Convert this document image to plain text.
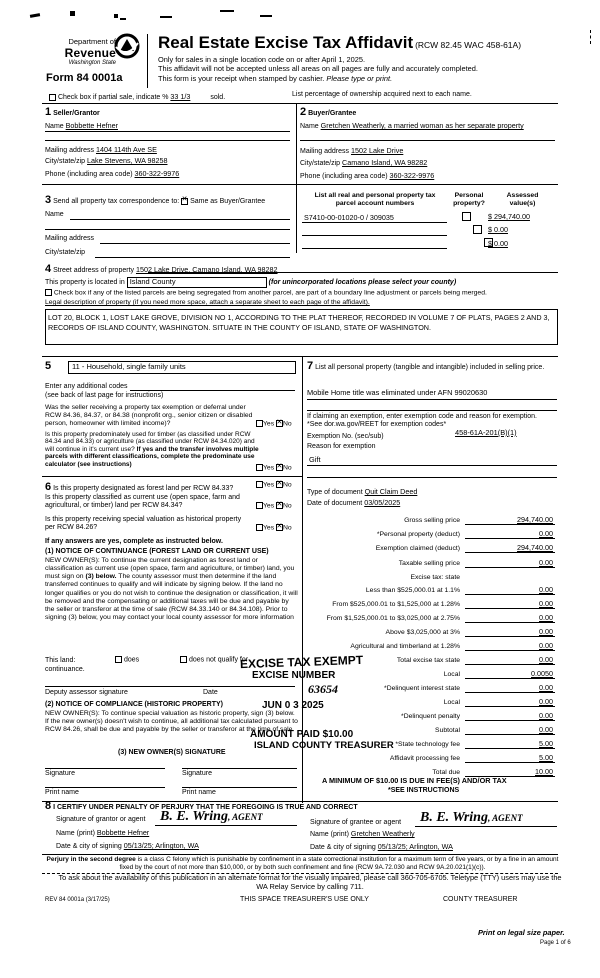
Department of
Revenue
Washington State
Form 84 0001a
Real Estate Excise Tax Affidavit (RCW 82.45 WAC 458-61A)
Only for sales in a single location code on or after April 1, 2025.
This affidavit will not be accepted unless all areas on all pages are fully and accurately completed.
This form is your receipt when stamped by cashier. Please type or print.
Check box if partial sale, indicate % 33 1/3	sold.	List percentage of ownership acquired next to each name.
1 Seller/Grantor
Name Bobbette Hefner
Mailing address 1404 114th Ave SE
City/state/zip Lake Stevens, WA 98258
Phone (including area code) 360-322-9976
2 Buyer/Grantee
Name Gretchen Weatherly, a married woman as her separate property
Mailing address 1502 Lake Drive
City/state/zip Camano Island, WA 98282
Phone (including area code) 360-322-9976
3 Send all property tax correspondence to: ✕ Same as Buyer/Grantee
Name
Mailing address
City/state/zip
List all real and personal property tax parcel account numbers
Personal property?
Assessed value(s)
S7410-00-01020-0 / 309035
	$ 294,740.00
$ 0.00
$ 0.00
4 Street address of property 1502 Lake Drive, Camano Island, WA 98282
This property is located in Island County	(for unincorporated locations please select your county)
Check box if any of the listed parcels are being segregated from another parcel, are part of a boundary line adjustment or parcels being merged.
Legal description of property (if you need more space, attach a separate sheet to each page of the affidavit).
LOT 20, BLOCK 1, LOST LAKE GROVE, DIVISION NO 1, ACCORDING TO THE PLAT THEREOF, RECORDED IN VOLUME 7 OF PLATS, PAGES 2 AND 3, RECORDS OF ISLAND COUNTY, WASHINGTON. SITUATE IN THE COUNTY OF ISLAND, STATE OF WASHINGTON.
5	11 - Household, single family units
Enter any additional codes
(see back of last page for instructions)
Was the seller receiving a property tax exemption or deferral under RCW 84.36, 84.37, or 84.38 (nonprofit org., senior citizen or disabled person, homeowner with limited income)?	Yes ✕ No
Is this property predominately used for timber (as classified under RCW 84.34 and 84.33) or agriculture (as classified under RCW 84.34.020) and will continue in it's current use? If yes and the transfer involves multiple parcels with different classifications, complete the predominate use calculator (see instructions)	Yes ✕ No
6 Is this property designated as forest land per RCW 84.33?
Yes ✕ No
Is this property classified as current use (open space, farm and agricultural, or timber) land per RCW 84.34?	Yes ✕ No
Is this property receiving special valuation as historical property per RCW 84.26?	Yes ✕ No
If any answers are yes, complete as instructed below.
(1) NOTICE OF CONTINUANCE (FOREST LAND OR CURRENT USE)
NEW OWNER(S): To continue the current designation as forest land or classification as current use (open space, farm and agriculture, or timber) land, you must sign on (3) below. The county assessor must then determine if the land transferred continues to qualify and will indicate by signing below. If the land no longer qualifies or you do not wish to continue the designation or classification, it will be removed and the compensating or additional taxes will be due and payable by the seller or transferor at the time of sale (RCW 84.33.140 or 84.34.108). Prior to signing (3) below, you may contact your local county assessor for more information
This land:
continuance.
does	does not qualify for
Deputy assessor signature	Date
(2) NOTICE OF COMPLIANCE (HISTORIC PROPERTY)
NEW OWNER(S): To continue special valuation as historic property, sign (3) below. If the new owner(s) doesn't wish to continue, all additional tax calculated pursuant to RCW 84.26, shall be due and payable by the seller or transferor at the time of sale
(3) NEW OWNER(S) SIGNATURE
Signature	Signature
Print name	Print name
7 List all personal property (tangible and intangible) included in selling price.
Mobile Home title was eliminated under AFN 99020630
If claiming an exemption, enter exemption code and reason for exemption. *See dor.wa.gov/REET for exemption codes*
Exemption No. (sec/sub)	458-61A-201(B)(1)
Reason for exemption
Gift
Type of document Quit Claim Deed
Date of document 03/05/2025
Gross selling price	294,740.00
*Personal property (deduct)	0.00
Exemption claimed (deduct)	294,740.00
Taxable selling price	0.00
Excise tax: state
Less than $525,000.01 at 1.1%	0.00
From $525,000.01 to $1,525,000 at 1.28%	0.00
From $1,525,000.01 to $3,025,000 at 2.75%	0.00
Above $3,025,000 at 3%	0.00
Agricultural and timberland at 1.28%	0.00
Total excise tax state	0.00
Local	0.0050
*Delinquent interest state	0.00
Local	0.00
*Delinquent penalty	0.00
Subtotal	0.00
*State technology fee	5.00
Affidavit processing fee	5.00
Total due	10.00
A MINIMUM OF $10.00 IS DUE IN FEE(S) AND/OR TAX
*SEE INSTRUCTIONS
EXCISE TAX EXEMPT
EXCISE NUMBER
63654
JUN 0 3 2025
AMOUNT PAID $10.00
ISLAND COUNTY TREASURER
8 I CERTIFY UNDER PENALTY OF PERJURY THAT THE FOREGOING IS TRUE AND CORRECT
Signature of grantor or agent B. E. Wring, AGENT
Name (print) Bobbette Hefner
Date & city of signing 05/13/25; Arlington, WA
Signature of grantee or agent B. E. Wring, AGENT
Name (print) Gretchen Weatherly
Date & city of signing 05/13/25; Arlington, WA
Perjury in the second degree is a class C felony which is punishable by confinement in a state correctional institution for a maximum term of five years, or by a fine in an amount fixed by the court of not more than $10,000, or by both such confinement and fine (RCW 9A.72.030 and RCW 9A.20.021(1)(c)).
To ask about the availability of this publication in an alternate format for the visually impaired, please call 360-705-6705. Teletype (TTY) users may use the WA Relay Service by calling 711.
REV 84 0001a (3/17/25)	THIS SPACE TREASURER'S USE ONLY	COUNTY TREASURER
Print on legal size paper.
Page 1 of 6
